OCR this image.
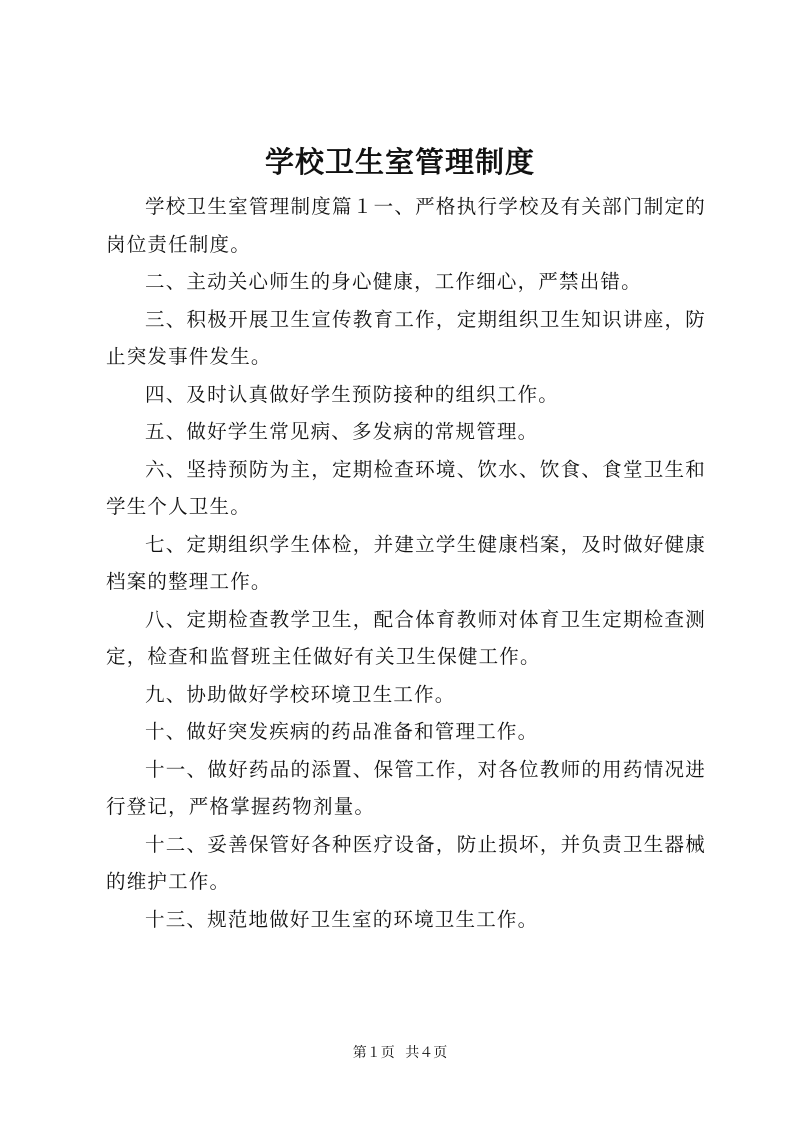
学校卫生室管理制度

学校卫生室管理制度篇１一、严格执行学校及有关部门制定的岗位责任制度。

二、主动关心师生的身心健康，工作细心，严禁出错。

三、积极开展卫生宣传教育工作，定期组织卫生知识讲座，防止突发事件发生。

四、及时认真做好学生预防接种的组织工作。

五、做好学生常见病、多发病的常规管理。

六、坚持预防为主，定期检查环境、饮水、饮食、食堂卫生和学生个人卫生。

七、定期组织学生体检，并建立学生健康档案，及时做好健康档案的整理工作。

八、定期检查教学卫生，配合体育教师对体育卫生定期检查测定，检查和监督班主任做好有关卫生保健工作。

九、协助做好学校环境卫生工作。

十、做好突发疾病的药品准备和管理工作。

十一、做好药品的添置、保管工作，对各位教师的用药情况进行登记，严格掌握药物剂量。

十二、妥善保管好各种医疗设备，防止损坏，并负责卫生器械的维护工作。

十三、规范地做好卫生室的环境卫生工作。

第１页 共４页
